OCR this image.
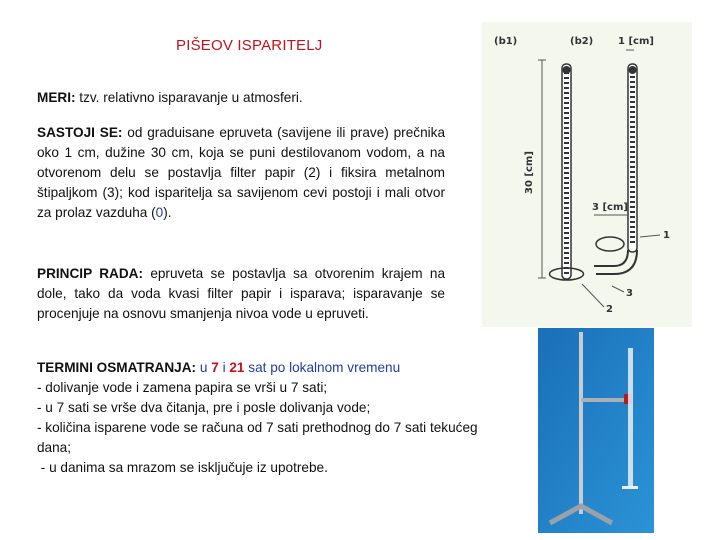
PIŠEOV ISPARITELJ
MERI: tzv. relativno isparavanje u atmosferi.
SASTOJI SE: od graduisane epruveta (savijene ili prave) prečnika oko 1 cm, dužine 30 cm, koja se puni destilovanom vodom, a na otvorenom delu se postavlja filter papir (2) i fiksira metalnom štipaljkom (3); kod isparitelja sa savijenom cevi postoji i mali otvor za prolaz vazduha (0).
PRINCIP RADA: epruveta se postavlja sa otvorenim krajem na dole, tako da voda kvasi filter papir i isparava; isparavanje se procenjuje na osnovu smanjenja nivoa vode u epruveti.
TERMINI OSMATRANJA: u 7 i 21 sat po lokalnom vremenu
- dolivanje vode i zamena papira se vrši u 7 sati;
- u 7 sati se vrše dva čitanja, pre i posle dolivanja vode;
- količina isparene vode se računa od 7 sati prethodnog do 7 sati tekućeg dana;
- u danima sa mrazom se isključuje iz upotrebe.
(b1)	(b2) 1 [cm]
30 [cm]
3 [cm]
1
3
2
